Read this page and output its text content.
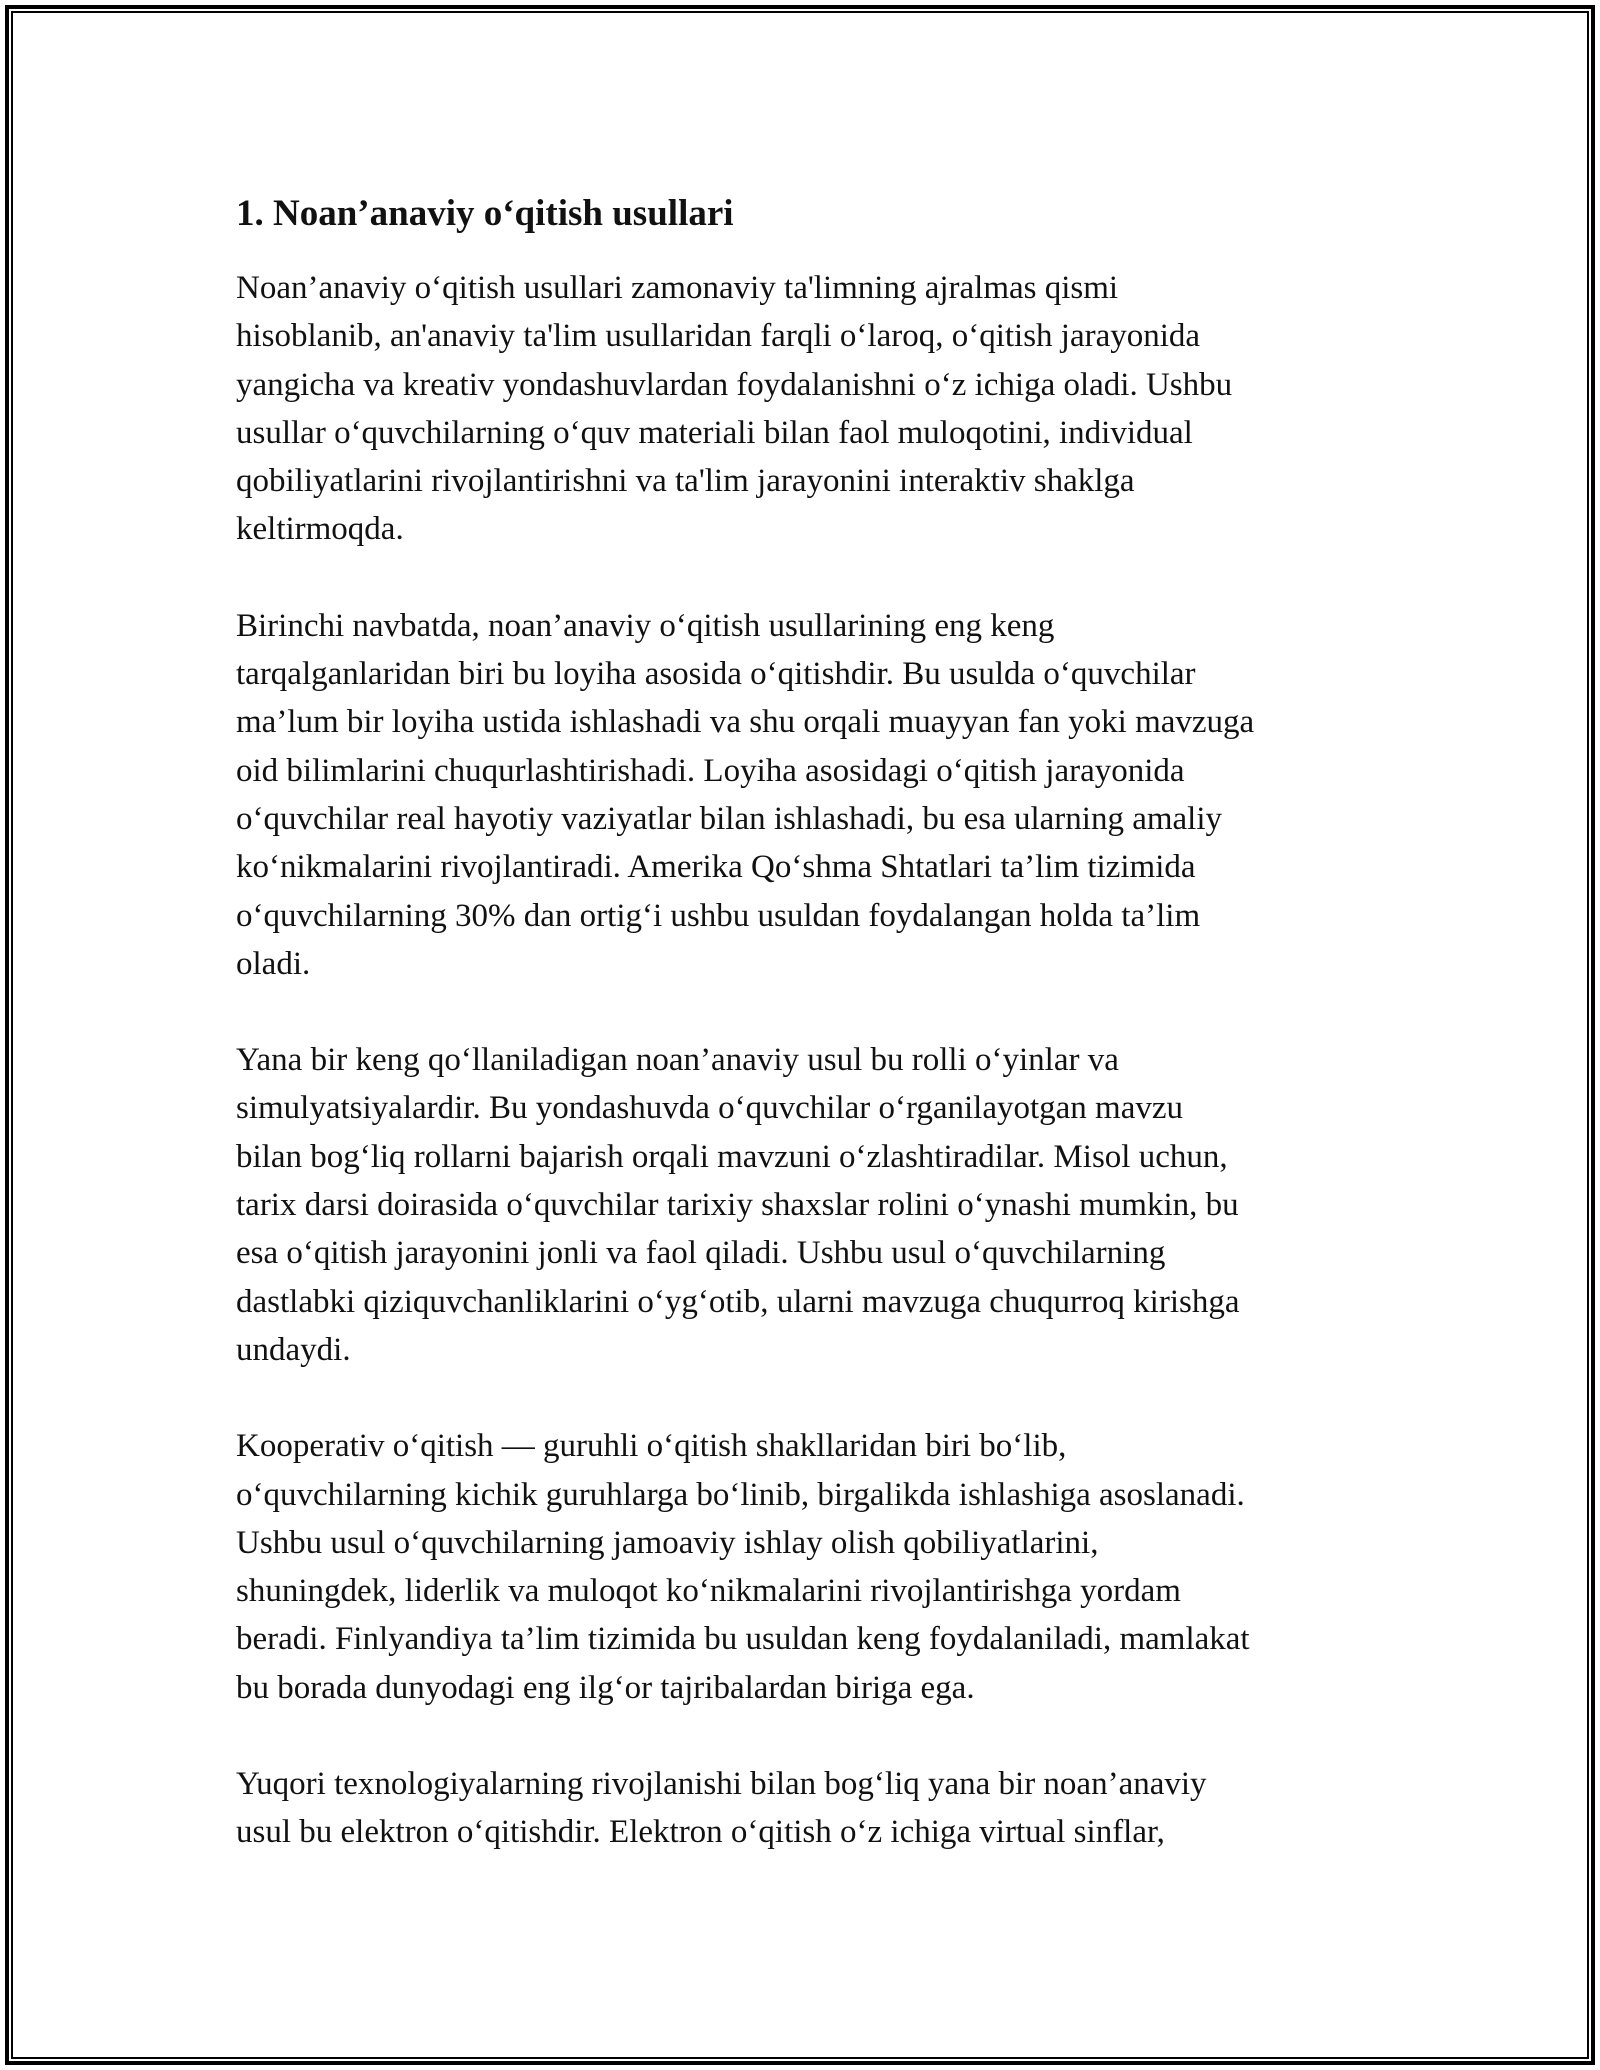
1. Noan’anaviy o‘qitish usullari

Noan’anaviy o‘qitish usullari zamonaviy ta'limning ajralmas qismi
hisoblanib, an'anaviy ta'lim usullaridan farqli o‘laroq, o‘qitish jarayonida
yangicha va kreativ yondashuvlardan foydalanishni o‘z ichiga oladi. Ushbu
usullar o‘quvchilarning o‘quv materiali bilan faol muloqotini, individual
qobiliyatlarini rivojlantirishni va ta'lim jarayonini interaktiv shaklga
keltirmoqda.

Birinchi navbatda, noan’anaviy o‘qitish usullarining eng keng
tarqalganlaridan biri bu loyiha asosida o‘qitishdir. Bu usulda o‘quvchilar
ma’lum bir loyiha ustida ishlashadi va shu orqali muayyan fan yoki mavzuga
oid bilimlarini chuqurlashtirishadi. Loyiha asosidagi o‘qitish jarayonida
o‘quvchilar real hayotiy vaziyatlar bilan ishlashadi, bu esa ularning amaliy
ko‘nikmalarini rivojlantiradi. Amerika Qo‘shma Shtatlari ta’lim tizimida
o‘quvchilarning 30% dan ortig‘i ushbu usuldan foydalangan holda ta’lim
oladi.

Yana bir keng qo‘llaniladigan noan’anaviy usul bu rolli o‘yinlar va
simulyatsiyalardir. Bu yondashuvda o‘quvchilar o‘rganilayotgan mavzu
bilan bog‘liq rollarni bajarish orqali mavzuni o‘zlashtiradilar. Misol uchun,
tarix darsi doirasida o‘quvchilar tarixiy shaxslar rolini o‘ynashi mumkin, bu
esa o‘qitish jarayonini jonli va faol qiladi. Ushbu usul o‘quvchilarning
dastlabki qiziquvchanliklarini o‘yg‘otib, ularni mavzuga chuqurroq kirishga
undaydi.

Kooperativ o‘qitish — guruhli o‘qitish shakllaridan biri bo‘lib,
o‘quvchilarning kichik guruhlarga bo‘linib, birgalikda ishlashiga asoslanadi.
Ushbu usul o‘quvchilarning jamoaviy ishlay olish qobiliyatlarini,
shuningdek, liderlik va muloqot ko‘nikmalarini rivojlantirishga yordam
beradi. Finlyandiya ta’lim tizimida bu usuldan keng foydalaniladi, mamlakat
bu borada dunyodagi eng ilg‘or tajribalardan biriga ega.

Yuqori texnologiyalarning rivojlanishi bilan bog‘liq yana bir noan’anaviy
usul bu elektron o‘qitishdir. Elektron o‘qitish o‘z ichiga virtual sinflar,
